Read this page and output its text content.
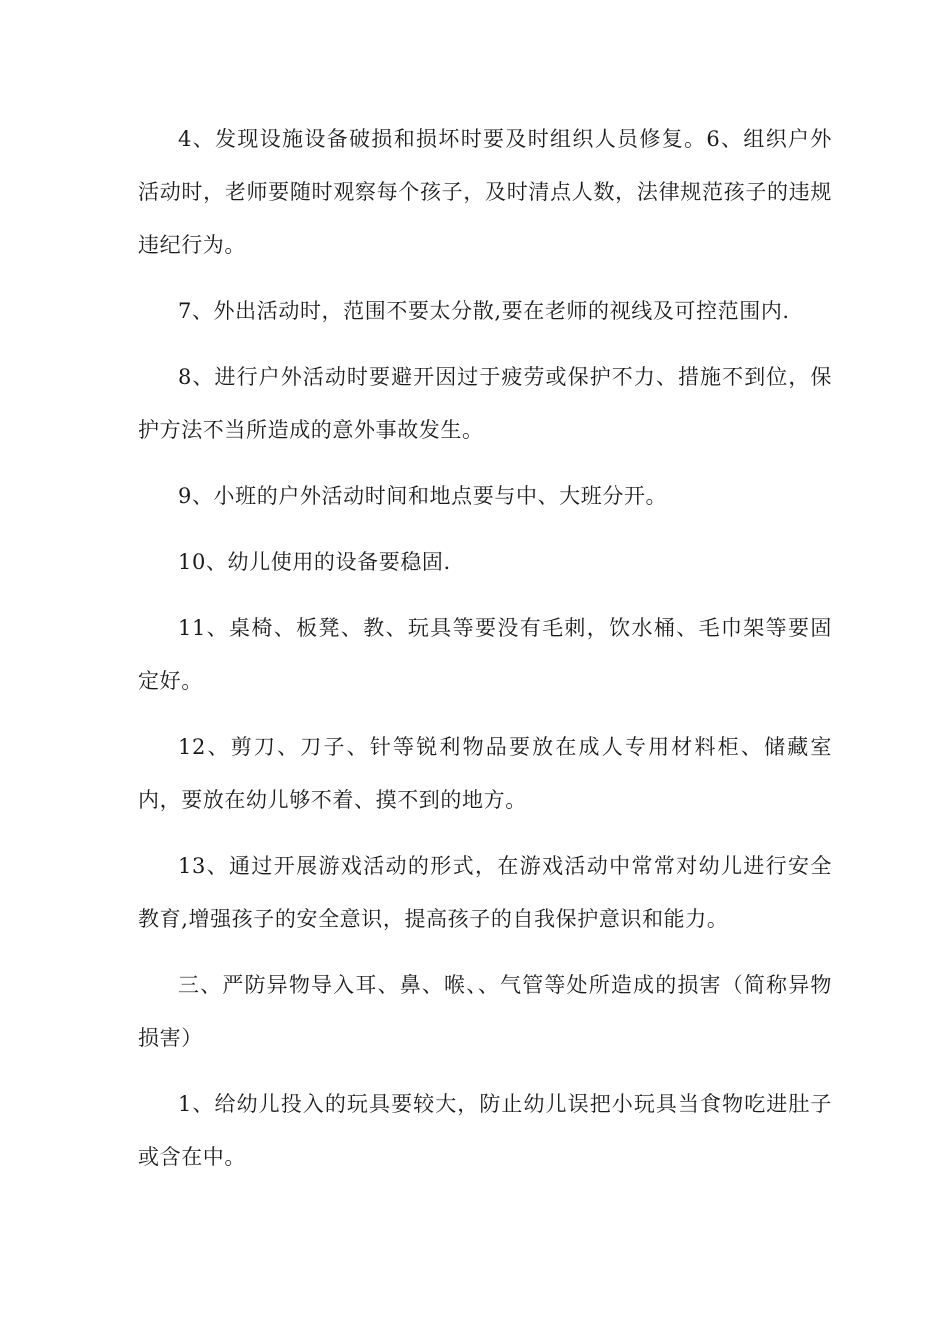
4、发现设施设备破损和损坏时要及时组织人员修复。6、组织户外活动时，老师要随时观察每个孩子，及时清点人数，法律规范孩子的违规违纪行为。

7、外出活动时，范围不要太分散,要在老师的视线及可控范围内.

8、进行户外活动时要避开因过于疲劳或保护不力、措施不到位，保护方法不当所造成的意外事故发生。

9、小班的户外活动时间和地点要与中、大班分开。

10、幼儿使用的设备要稳固.

11、桌椅、板凳、教、玩具等要没有毛刺，饮水桶、毛巾架等要固定好。

12、剪刀、刀子、针等锐利物品要放在成人专用材料柜、储藏室内，要放在幼儿够不着、摸不到的地方。

13、通过开展游戏活动的形式，在游戏活动中常常对幼儿进行安全教育,增强孩子的安全意识，提高孩子的自我保护意识和能力。

三、严防异物导入耳、鼻、喉、、气管等处所造成的损害（简称异物损害）

1、给幼儿投入的玩具要较大，防止幼儿误把小玩具当食物吃进肚子或含在中。
